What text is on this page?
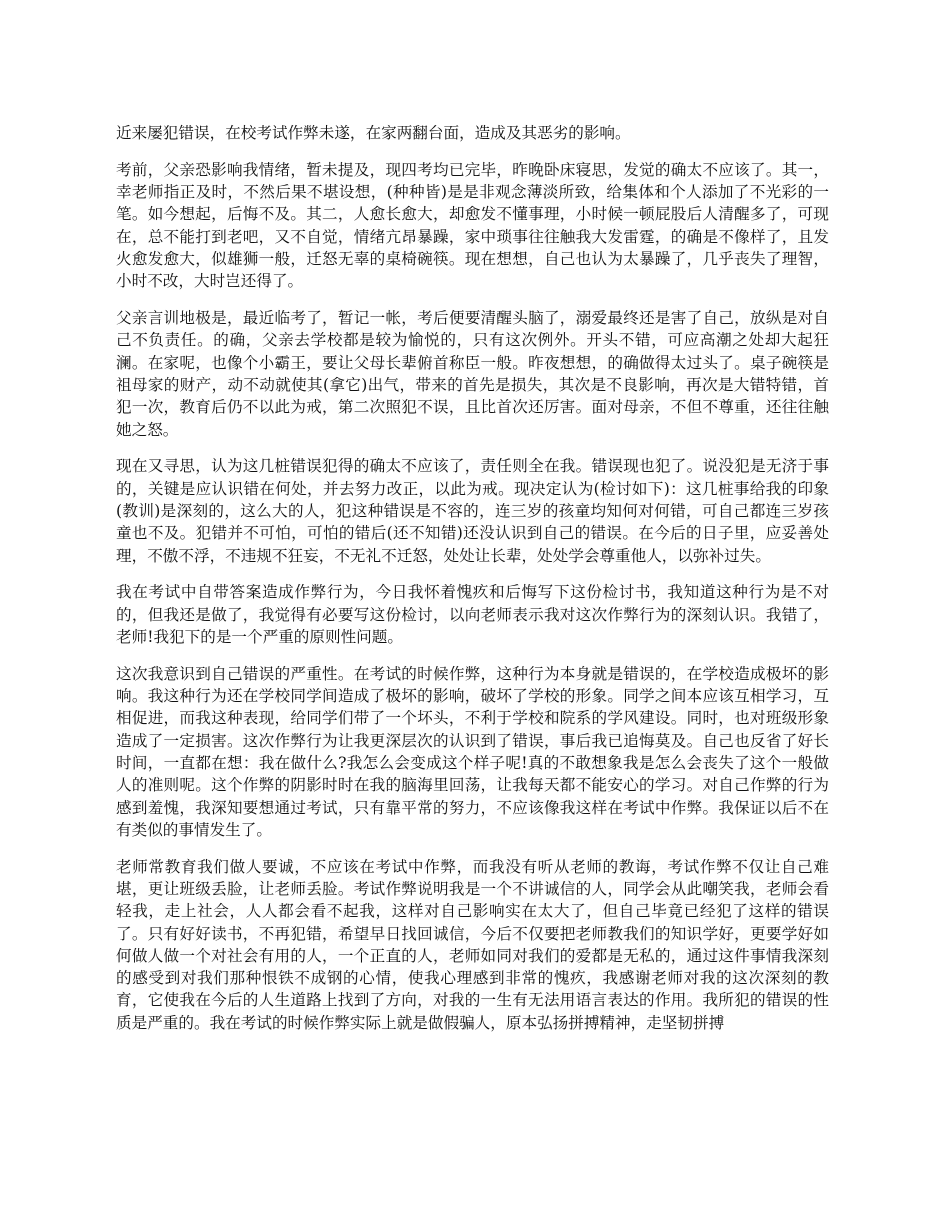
近来屡犯错误，在校考试作弊未遂，在家两翻台面，造成及其恶劣的影响。

考前，父亲恐影响我情绪，暂未提及，现四考均已完毕，昨晚卧床寝思，发觉的确太不应该了。其一，幸老师指正及时，不然后果不堪设想，(种种皆)是是非观念薄淡所致，给集体和个人添加了不光彩的一笔。如今想起，后悔不及。其二，人愈长愈大，却愈发不懂事理，小时候一顿屁股后人清醒多了，可现在，总不能打到老吧，又不自觉，情绪亢昂暴躁，家中琐事往往触我大发雷霆，的确是不像样了，且发火愈发愈大，似雄狮一般，迁怒无辜的桌椅碗筷。现在想想，自己也认为太暴躁了，几乎丧失了理智，小时不改，大时岂还得了。

父亲言训地极是，最近临考了，暂记一帐，考后便要清醒头脑了，溺爱最终还是害了自己，放纵是对自己不负责任。的确，父亲去学校都是较为愉悦的，只有这次例外。开头不错，可应高潮之处却大起狂澜。在家呢，也像个小霸王，要让父母长辈俯首称臣一般。昨夜想想，的确做得太过头了。桌子碗筷是祖母家的财产，动不动就使其(拿它)出气，带来的首先是损失，其次是不良影响，再次是大错特错，首犯一次，教育后仍不以此为戒，第二次照犯不误，且比首次还厉害。面对母亲，不但不尊重，还往往触她之怒。

现在又寻思，认为这几桩错误犯得的确太不应该了，责任则全在我。错误现也犯了。说没犯是无济于事的，关键是应认识错在何处，并去努力改正，以此为戒。现决定认为(检讨如下)：这几桩事给我的印象(教训)是深刻的，这么大的人，犯这种错误是不容的，连三岁的孩童均知何对何错，可自己都连三岁孩童也不及。犯错并不可怕，可怕的错后(还不知错)还没认识到自己的错误。在今后的日子里，应妥善处理，不傲不浮，不违规不狂妄，不无礼不迁怒，处处让长辈，处处学会尊重他人，以弥补过失。

我在考试中自带答案造成作弊行为，今日我怀着愧疚和后悔写下这份检讨书，我知道这种行为是不对的，但我还是做了，我觉得有必要写这份检讨，以向老师表示我对这次作弊行为的深刻认识。我错了，老师!我犯下的是一个严重的原则性问题。

这次我意识到自己错误的严重性。在考试的时候作弊，这种行为本身就是错误的，在学校造成极坏的影响。我这种行为还在学校同学间造成了极坏的影响，破坏了学校的形象。同学之间本应该互相学习，互相促进，而我这种表现，给同学们带了一个坏头，不利于学校和院系的学风建设。同时，也对班级形象造成了一定损害。这次作弊行为让我更深层次的认识到了错误，事后我已追悔莫及。自己也反省了好长时间，一直都在想：我在做什么?我怎么会变成这个样子呢!真的不敢想象我是怎么会丧失了这个一般做人的准则呢。这个作弊的阴影时时在我的脑海里回荡，让我每天都不能安心的学习。对自己作弊的行为感到羞愧，我深知要想通过考试，只有靠平常的努力，不应该像我这样在考试中作弊。我保证以后不在有类似的事情发生了。

老师常教育我们做人要诚，不应该在考试中作弊，而我没有听从老师的教诲，考试作弊不仅让自己难堪，更让班级丢脸，让老师丢脸。考试作弊说明我是一个不讲诚信的人，同学会从此嘲笑我，老师会看轻我，走上社会，人人都会看不起我，这样对自己影响实在太大了，但自己毕竟已经犯了这样的错误了。只有好好读书，不再犯错，希望早日找回诚信，今后不仅要把老师教我们的知识学好，更要学好如何做人做一个对社会有用的人，一个正直的人，老师如同对我们的爱都是无私的，通过这件事情我深刻的感受到对我们那种恨铁不成钢的心情，使我心理感到非常的愧疚，我感谢老师对我的这次深刻的教育，它使我在今后的人生道路上找到了方向，对我的一生有无法用语言表达的作用。我所犯的错误的性质是严重的。我在考试的时候作弊实际上就是做假骗人，原本弘扬拼搏精神，走坚韧拼搏
